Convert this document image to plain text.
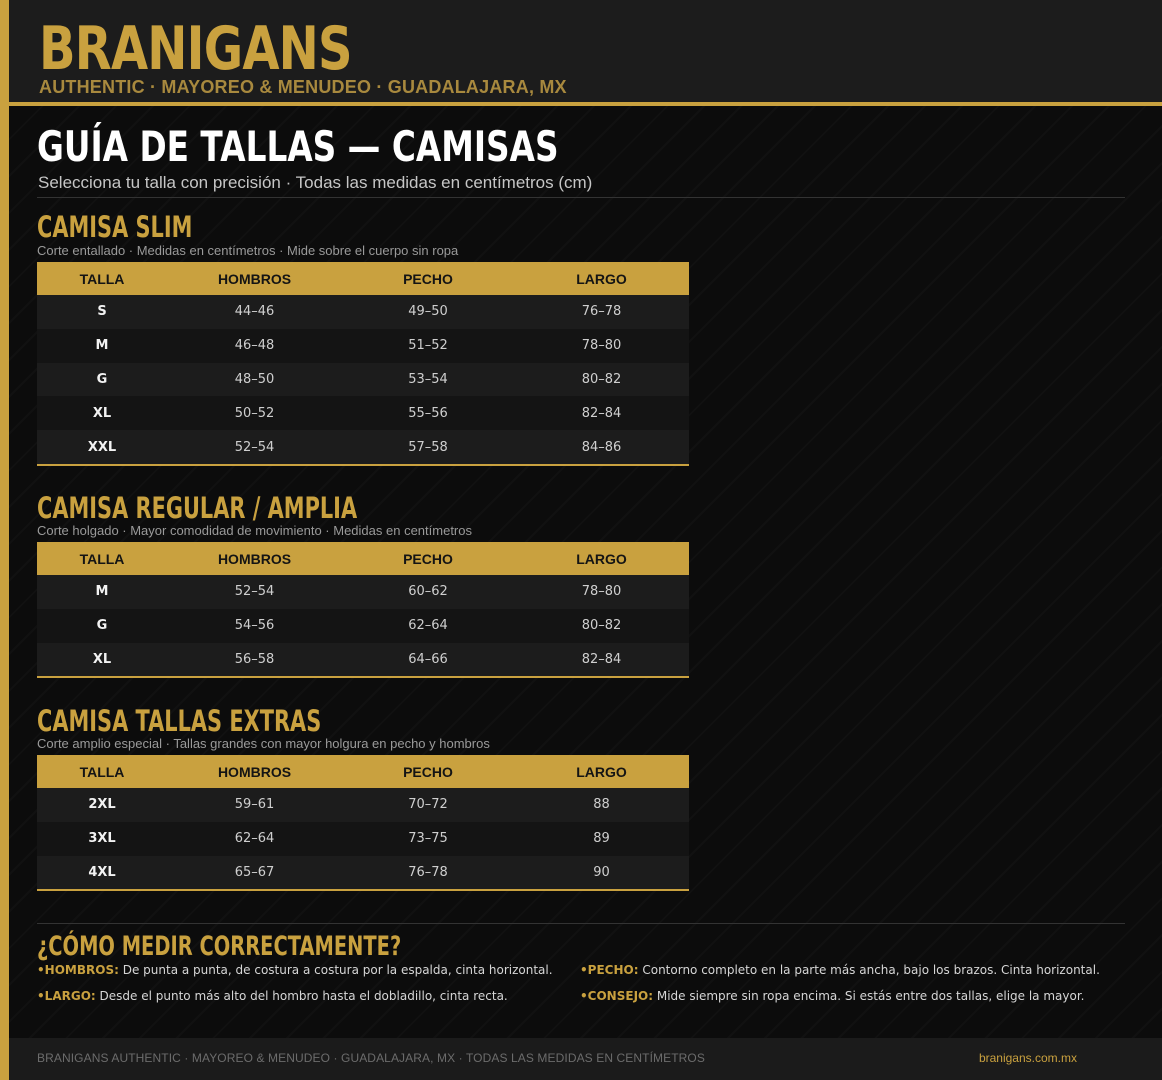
BRANIGANS
AUTHENTIC · MAYOREO & MENUDEO · GUADALAJARA, MX
GUÍA DE TALLAS — CAMISAS
Selecciona tu talla con precisión · Todas las medidas en centímetros (cm)
CAMISA SLIM
Corte entallado · Medidas en centímetros · Mide sobre el cuerpo sin ropa
TALLA	HOMBROS	PECHO	LARGO
S	44–46	49–50	76–78
M	46–48	51–52	78–80
G	48–50	53–54	80–82
XL	50–52	55–56	82–84
XXL	52–54	57–58	84–86
CAMISA REGULAR / AMPLIA
Corte holgado · Mayor comodidad de movimiento · Medidas en centímetros
TALLA	HOMBROS	PECHO	LARGO
M	52–54	60–62	78–80
G	54–56	62–64	80–82
XL	56–58	64–66	82–84
CAMISA TALLAS EXTRAS
Corte amplio especial · Tallas grandes con mayor holgura en pecho y hombros
TALLA	HOMBROS	PECHO	LARGO
2XL	59–61	70–72	88
3XL	62–64	73–75	89
4XL	65–67	76–78	90
¿CÓMO MEDIR CORRECTAMENTE?
•HOMBROS: De punta a punta, de costura a costura por la espalda, cinta horizontal. •PECHO: Contorno completo en la parte más ancha, bajo los brazos. Cinta horizontal.
•LARGO: Desde el punto más alto del hombro hasta el dobladillo, cinta recta.	•CONSEJO: Mide siempre sin ropa encima. Si estás entre dos tallas, elige la mayor.
BRANIGANS AUTHENTIC · MAYOREO & MENUDEO · GUADALAJARA, MX · TODAS LAS MEDIDAS EN CENTÍMETROS	branigans.com.mx
